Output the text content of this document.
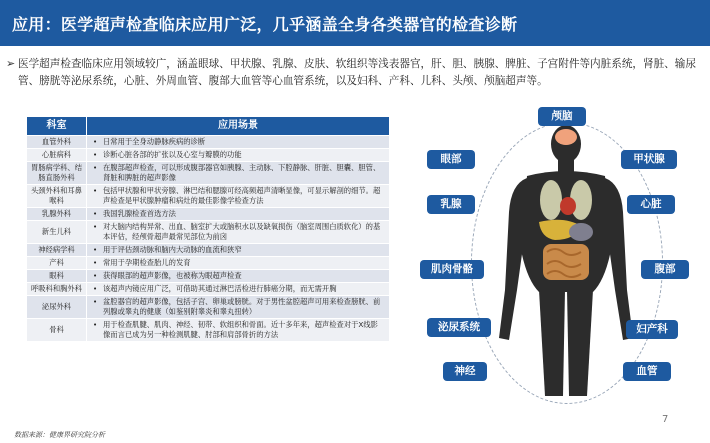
应用：医学超声检查临床应用广泛，几乎涵盖全身各类器官的检查诊断
➢ 医学超声检查临床应用领域较广，涵盖眼球、甲状腺、乳腺、皮肤、软组织等浅表器官，肝、胆、胰腺、脾脏、子宫附件等内脏系统，肾脏、输尿管、膀胱等泌尿系统，心脏、外周血管、腹部大血管等心血管系统，以及妇科、产科、儿科、头颅、颅脑超声等。
科室	应用场景
血管外科	• 日常用于全身动静脉疾病的诊断

心脏病科	• 诊断心脏各部的扩张以及心室与瓣膜的功能

胃肠病学科、结肠直肠外科	• 在腹部超声检查，可以形成腹部器官如胰腺、主动脉、下腔静脉、肝脏、胆囊、胆管、肾脏和脾脏的超声影像

头颈外科和耳鼻喉科	• 包括甲状腺和甲状旁腺、淋巴结和腮腺可经高频超声清晰显像，可显示解剖的细节。超声检查是甲状腺肿瘤和病灶的最佳影像学检查方法

乳腺外科	• 我国乳腺检查首选方法

新生儿科	• 对大脑内结构异常、出血、脑室扩大或脑积水以及缺氧损伤（脑室周围白质软化）的基本评估，经颅骨超声最常见部位为前囟

神经病学科	• 用于评估颈动脉和脑内大动脉的血流和狭窄

产科	• 常用于孕期检查胎儿的发育

眼科	• 获得眼部的超声影像，也被称为眼超声检查

呼吸科和胸外科	• 该超声内镜应用广泛，可借助其通过淋巴活检进行肺癌分期，而无需开胸

泌尿外科	• 盆腔器官的超声影像，包括子宫、卵巢或膀胱。对于男性盆腔超声可用来检查膀胱、前列腺或睾丸的健康（如鉴别附睾炎和睾丸扭转）

骨科	• 用于检查肌腱、肌肉、神经、韧带、软组织和骨面。近十多年来，超声检查对于X线影像而言已成为另一种检测肌腱、肘部和肩部骨折的方法
颅脑
眼部	甲状腺
乳腺	心脏
肌肉骨骼	腹部
泌尿系统	妇产科
神经	血管
数据来源：健康界研究院分析
7
